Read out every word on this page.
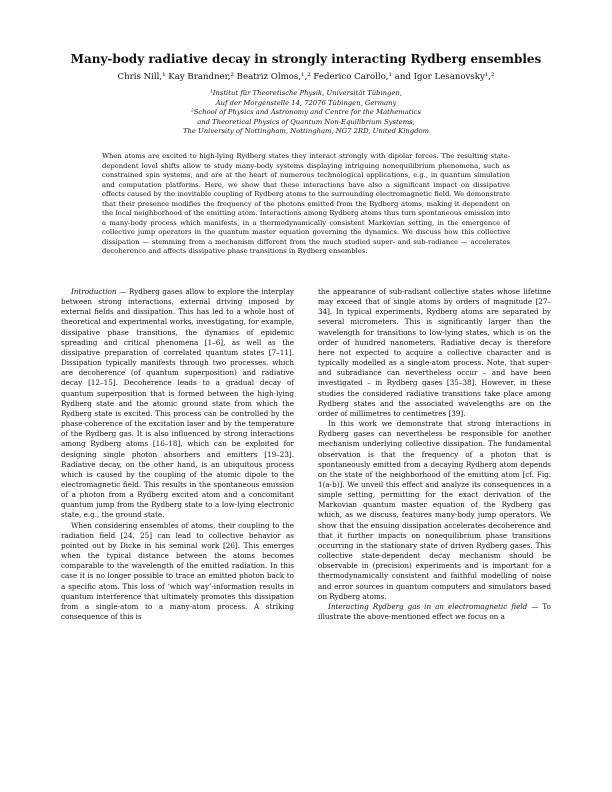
Many-body radiative decay in strongly interacting Rydberg ensembles
Chris Nill,¹ Kay Brandner,² Beatriz Olmos,¹,² Federico Carollo,¹ and Igor Lesanovsky¹,²
¹Institut für Theoretische Physik, Universität Tübingen,
Auf der Morgenstelle 14, 72076 Tübingen, Germany
²School of Physics and Astronomy and Centre for the Mathematics
and Theoretical Physics of Quantum Non-Equilibrium Systems,
The University of Nottingham, Nottingham, NG7 2RD, United Kingdom
When atoms are excited to high-lying Rydberg states they interact strongly with dipolar forces. The resulting state-dependent level shifts allow to study many-body systems displaying intriguing nonequilibrium phenomena, such as constrained spin systems, and are at the heart of numerous technological applications, e.g., in quantum simulation and computation platforms. Here, we show that these interactions have also a significant impact on dissipative effects caused by the inevitable coupling of Rydberg atoms to the surrounding electromagnetic field. We demonstrate that their presence modifies the frequency of the photons emitted from the Rydberg atoms, making it dependent on the local neighborhood of the emitting atom. Interactions among Rydberg atoms thus turn spontaneous emission into a many-body process which manifests, in a thermodynamically consistent Markovian setting, in the emergence of collective jump operators in the quantum master equation governing the dynamics. We discuss how this collective dissipation — stemming from a mechanism different from the much studied super- and sub-radiance — accelerates decoherence and affects dissipative phase transitions in Rydberg ensembles.

Introduction — Rydberg gases allow to explore the interplay between strong interactions, external driving imposed by external fields and dissipation. This has led to a whole host of theoretical and experimental works, investigating, for example, dissipative phase transitions, the dynamics of epidemic spreading and critical phenomena [1–6], as well as the dissipative preparation of correlated quantum states [7–11]. Dissipation typically manifests through two processes, which are decoherence (of quantum superposition) and radiative decay [12–15]. Decoherence leads to a gradual decay of quantum superposition that is formed between the high-lying Rydberg state and the atomic ground state from which the Rydberg state is excited. This process can be controlled by the phase-coherence of the excitation laser and by the temperature of the Rydberg gas. It is also influenced by strong interactions among Rydberg atoms [16–18], which can be exploited for designing single photon absorbers and emitters [19–23]. Radiative decay, on the other hand, is an ubiquitous process which is caused by the coupling of the atomic dipole to the electromagnetic field. This results in the spontaneous emission of a photon from a Rydberg excited atom and a concomitant quantum jump from the Rydberg state to a low-lying electronic state, e.g., the ground state.

When considering ensembles of atoms, their coupling to the radiation field [24, 25] can lead to collective behavior as pointed out by Dicke in his seminal work [26]. This emerges when the typical distance between the atoms becomes comparable to the wavelength of the emitted radiation. In this case it is no longer possible to trace an emitted photon back to a specific atom. This loss of ‘which way’-information results in quantum interference that ultimately promotes this dissipation from a single-atom to a many-atom process. A striking consequence of this is

the appearance of sub-radiant collective states whose lifetime may exceed that of single atoms by orders of magnitude [27–34]. In typical experiments, Rydberg atoms are separated by several micrometers. This is significantly larger than the wavelength for transitions to low-lying states, which is on the order of hundred nanometers. Radiative decay is therefore here not expected to acquire a collective character and is typically modelled as a single-atom process. Note, that super- and subradiance can nevertheless occur – and have been investigated – in Rydberg gases [35–38]. However, in these studies the considered radiative transitions take place among Rydberg states and the associated wavelengths are on the order of millimetres to centimetres [39].

In this work we demonstrate that strong interactions in Rydberg gases can nevertheless be responsible for another mechanism underlying collective dissipation. The fundamental observation is that the frequency of a photon that is spontaneously emitted from a decaying Rydberg atom depends on the state of the neighborhood of the emitting atom [cf. Fig. 1(a-b)]. We unveil this effect and analyze its consequences in a simple setting, permitting for the exact derivation of the Markovian quantum master equation of the Rydberg gas which, as we discuss, features many-body jump operators. We show that the ensuing dissipation accelerates decoherence and that it further impacts on nonequilibrium phase transitions occurring in the stationary state of driven Rydberg gases. This collective state-dependent decay mechanism should be observable in (precision) experiments and is important for a thermodynamically consistent and faithful modelling of noise and error sources in quantum computers and simulators based on Rydberg atoms.

Interacting Rydberg gas in an electromagnetic field — To illustrate the above-mentioned effect we focus on a
